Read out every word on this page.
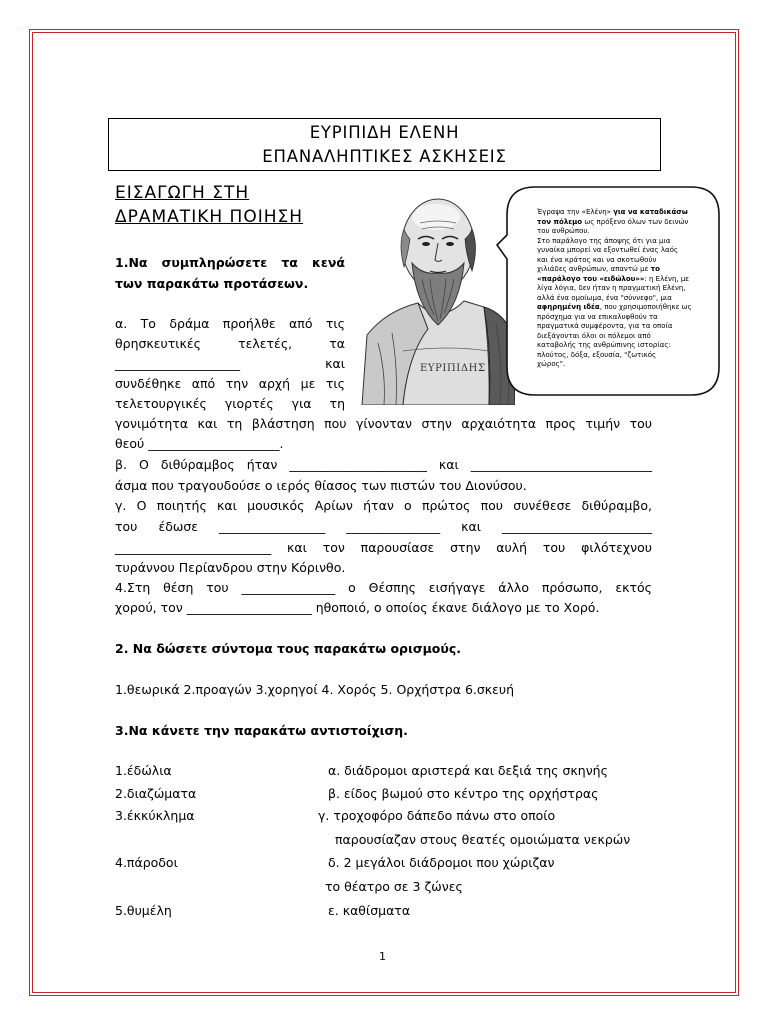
ΕΥΡΙΠΙΔΗ ΕΛΕΝΗ
ΕΠΑΝΑΛΗΠΤΙΚΕΣ ΑΣΚΗΣΕΙΣ
ΕΙΣΑΓΩΓΗ ΣΤΗ
ΔΡΑΜΑΤΙΚΗ ΠΟΙΗΣΗ
ΕΥΡΙΠΙΔΗΣ
Έγραψα την «Ελένη» για να καταδικάσω
τον πόλεμο ως πρόξενο όλων των δεινών
του ανθρώπου.
Στο παράλογο της άποψης ότι για μια
γυναίκα μπορεί να εξοντωθεί ένας λαός
και ένα κράτος και να σκοτωθούν
χιλιάδες ανθρώπων, απαντώ με το
«παράλογο του «ειδώλου»»: η Ελένη, με
λίγα λόγια, δεν ήταν η πραγματική Ελένη,
αλλά ένα ομοίωμα, ένα "σύννεφο", μια
αφηρημένη ιδέα, που χρησιμοποιήθηκε ως
πρόσχημα για να επικαλυφθούν τα
πραγματικά συμφέροντα, για τα οποία
διεξάγονται όλοι οι πόλεμοι από
καταβολής της ανθρώπινης ιστορίας:
πλούτος, δόξα, εξουσία, "ζωτικός
χώρος".
1.Να συμπληρώσετε τα κενά
των παρακάτω προτάσεων.
α. Το δράμα προήλθε από τις
θρησκευτικές τελετές, τα
____________________ και
συνδέθηκε από την αρχή με τις
τελετουργικές γιορτές για τη
γονιμότητα και τη βλάστηση που γίνονταν στην αρχαιότητα προς τιμήν του
θεού _____________________.
β. Ο διθύραμβος ήταν ______________________ και _____________________________
άσμα που τραγουδούσε ο ιερός θίασος των πιστών του Διονύσου.
γ. Ο ποιητής και μουσικός Αρίων ήταν ο πρώτος που συνέθεσε διθύραμβο,
του έδωσε _________________ _______________ και ________________________
_________________________ και τον παρουσίασε στην αυλή του φιλότεχνου
τυράννου Περίανδρου στην Κόρινθο.
4.Στη θέση του _______________ ο Θέσπης εισήγαγε άλλο πρόσωπο, εκτός
χορού, τον ____________________ ηθοποιό, ο οποίος έκανε διάλογο με το Χορό.
2. Να δώσετε σύντομα τους παρακάτω ορισμούς.
1.θεωρικά 2.προαγών 3.χορηγοί 4. Χορός 5. Ορχήστρα 6.σκευή
3.Να κάνετε την παρακάτω αντιστοίχιση.
1.έδώλια	α. διάδρομοι αριστερά και δεξιά της σκηνής
2.διαζώματα	β. είδος βωμού στο κέντρο της ορχήστρας
3.έκκύκλημα	γ. τροχοφόρο δάπεδο πάνω στο οποίο
παρουσίαζαν στους θεατές ομοιώματα νεκρών
4.πάροδοι	δ. 2 μεγάλοι διάδρομοι που χώριζαν
το θέατρο σε 3 ζώνες
5.θυμέλη	ε. καθίσματα
1
